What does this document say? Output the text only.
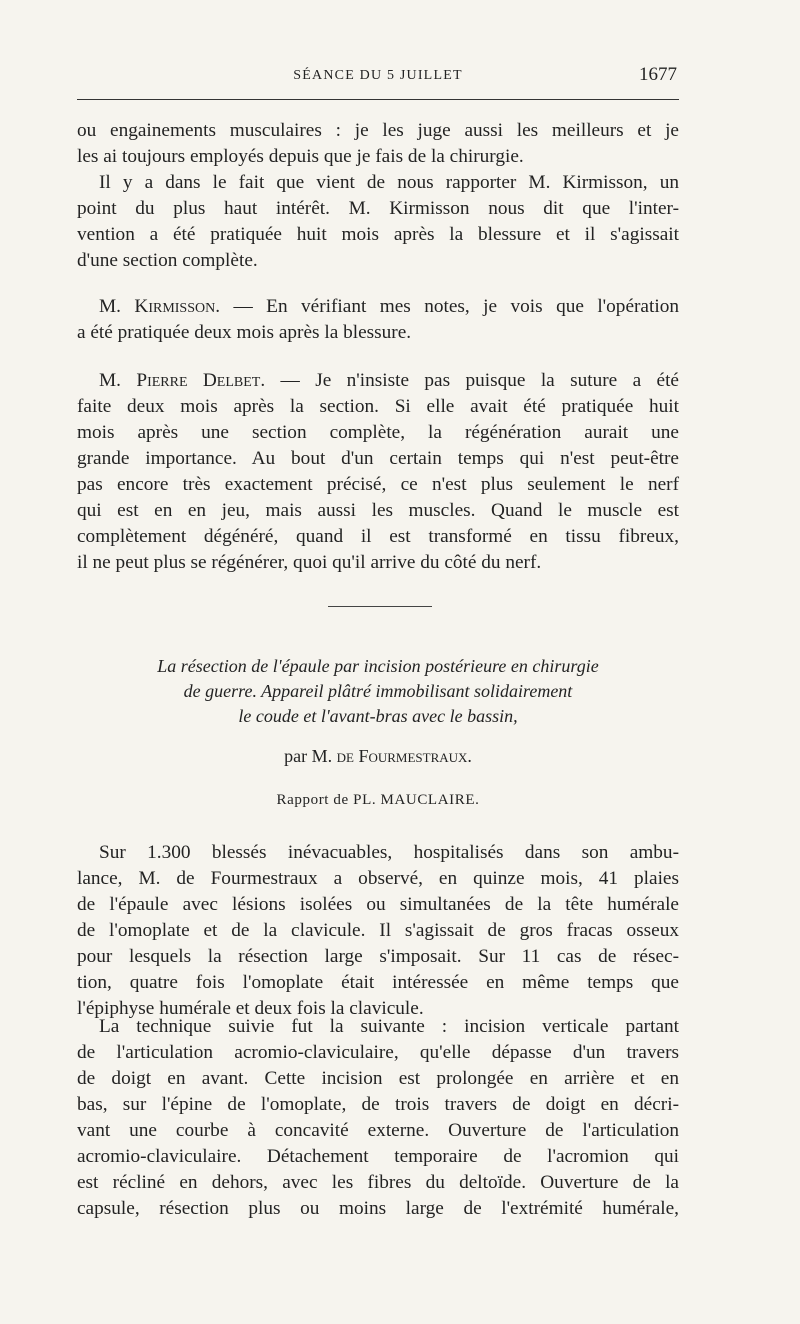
SÉANCE DU 5 JUILLET	1677
ou engainements musculaires : je les juge aussi les meilleurs et je
les ai toujours employés depuis que je fais de la chirurgie.
Il y a dans le fait que vient de nous rapporter M. Kirmisson, un
point du plus haut intérêt. M. Kirmisson nous dit que l'inter-
vention a été pratiquée huit mois après la blessure et il s'agissait
d'une section complète.
M. Kirmisson. — En vérifiant mes notes, je vois que l'opération
a été pratiquée deux mois après la blessure.
M. Pierre Delbet. — Je n'insiste pas puisque la suture a été
faite deux mois après la section. Si elle avait été pratiquée huit
mois après une section complète, la régénération aurait une
grande importance. Au bout d'un certain temps qui n'est peut-être
pas encore très exactement précisé, ce n'est plus seulement le nerf
qui est en en jeu, mais aussi les muscles. Quand le muscle est
complètement dégénéré, quand il est transformé en tissu fibreux,
il ne peut plus se régénérer, quoi qu'il arrive du côté du nerf.
La résection de l'épaule par incision postérieure en chirurgie
de guerre. Appareil plâtré immobilisant solidairement
le coude et l'avant-bras avec le bassin,
par M. de Fourmestraux.
Rapport de PL. MAUCLAIRE.
Sur 1.300 blessés inévacuables, hospitalisés dans son ambu-
lance, M. de Fourmestraux a observé, en quinze mois, 41 plaies
de l'épaule avec lésions isolées ou simultanées de la tête humérale
de l'omoplate et de la clavicule. Il s'agissait de gros fracas osseux
pour lesquels la résection large s'imposait. Sur 11 cas de résec-
tion, quatre fois l'omoplate était intéressée en même temps que
l'épiphyse humérale et deux fois la clavicule.
La technique suivie fut la suivante : incision verticale partant
de l'articulation acromio-claviculaire, qu'elle dépasse d'un travers
de doigt en avant. Cette incision est prolongée en arrière et en
bas, sur l'épine de l'omoplate, de trois travers de doigt en décri-
vant une courbe à concavité externe. Ouverture de l'articulation
acromio-claviculaire. Détachement temporaire de l'acromion qui
est récliné en dehors, avec les fibres du deltoïde. Ouverture de la
capsule, résection plus ou moins large de l'extrémité humérale,
